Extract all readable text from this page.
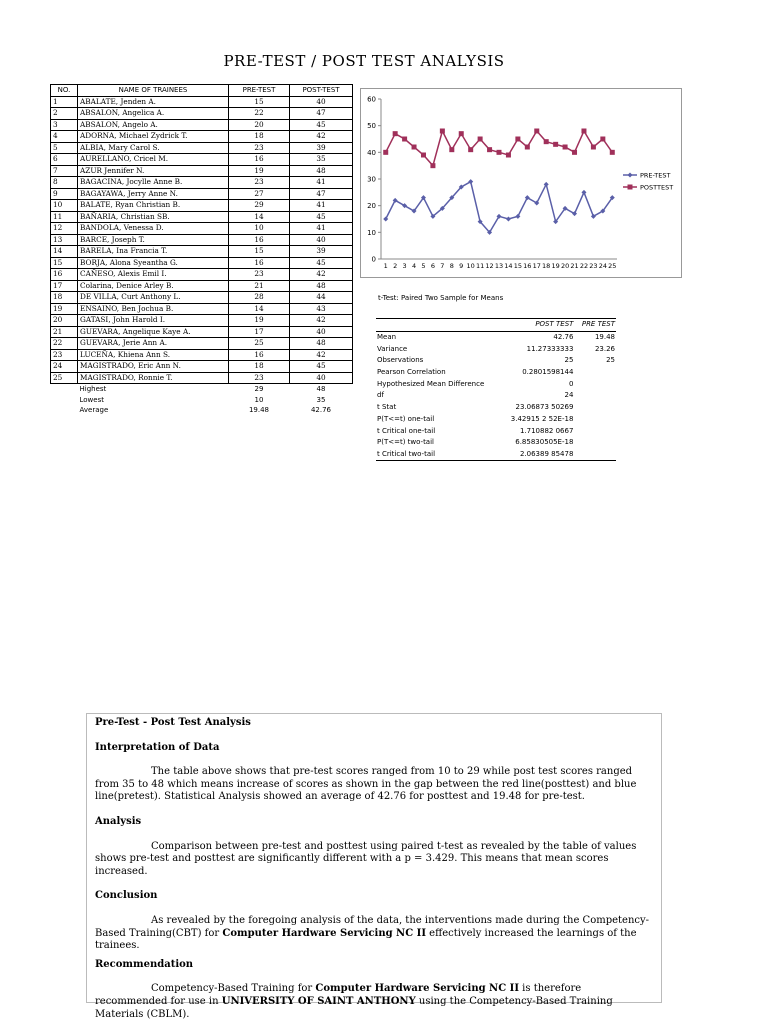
PRE-TEST / POST TEST ANALYSIS
NO.	NAME OF TRAINEES	PRE-TEST	POST-TEST
1	ABALATE, Jenden A.	15	40
2	ABSALON, Angelica A.	22	47
3	ABSALON, Angelo A.	20	45
4	ADORNA, Michael Zydrick T.	18	42
5	ALBIA, Mary Carol S.	23	39
6	AURELLANO, Cricel M.	16	35
7	AZUR Jennifer N.	19	48
8	BAGACINA, Jocylle Anne B.	23	41
9	BAGAYAWA, Jerry Anne N.	27	47
10	BALATE, Ryan Christian B.	29	41
11	BAÑARIA, Christian SB.	14	45
12	BANDOLA, Venessa D.	10	41
13	BARCE, Joseph T.	16	40
14	BARELA, Ina Francia T.	15	39
15	BORJA, Alona Syeantha G.	16	45
16	CAÑESO, Alexis Emil I.	23	42
17	Colarina, Denice Arley B.	21	48
18	DE VILLA, Curt Anthony L.	28	44
19	ENSAINO, Ben Jochua B.	14	43
20	GATASI, John Harold I.	19	42
21	GUEVARA, Angelique Kaye A.	17	40
22	GUEVARA, Jerie Ann A.	25	48
23	LUCEÑA, Khiena Ann S.	16	42
24	MAGISTRADO, Eric Ann N.	18	45
25	MAGISTRADO, Ronnie T.	23	40
	Highest	29	48
	Lowest	10	35
	Average	19.48	42.76
0
10
20
30
40
50
60
1 2 3 4 5 6 7 8 9 10 11 12 13 14 15 16 17 18 19 20 21 22 23 24 25
PRE-TEST
POSTTEST
t-Test: Paired Two Sample for Means
	POST TEST	PRE TEST
Mean	42.76	19.48
Variance	11.27333333	23.26
Observations	25	25
Pearson Correlation	0.2801598144	
Hypothesized Mean Difference	0	
df	24	
t Stat	23.06873 50269	
P(T<=t) one-tail	3.42915 2 52E-18	
t Critical one-tail	1.710882 0667	
P(T<=t) two-tail	6.85830505E-18	
t Critical two-tail	2.06389 85478	
Pre-Test - Post Test Analysis
Interpretation of Data

The table above shows that pre-test scores ranged from 10 to 29 while post test scores ranged from 35 to 48 which means increase of scores as shown in the gap between the red line(posttest) and blue line(pretest). Statistical Analysis showed an average of 42.76 for posttest and 19.48 for pre-test.

Analysis

Comparison between pre-test and posttest using paired t-test as revealed by the table of values shows pre-test and posttest are significantly different with a p = 3.429. This means that mean scores increased.

Conclusion

As revealed by the foregoing analysis of the data, the interventions made during the Competency-Based Training(CBT) for Computer Hardware Servicing NC II effectively increased the learnings of the trainees.

Recommendation

Competency-Based Training for Computer Hardware Servicing NC II is therefore recommended for use in UNIVERSITY OF SAINT ANTHONY using the Competency-Based Training Materials (CBLM).
